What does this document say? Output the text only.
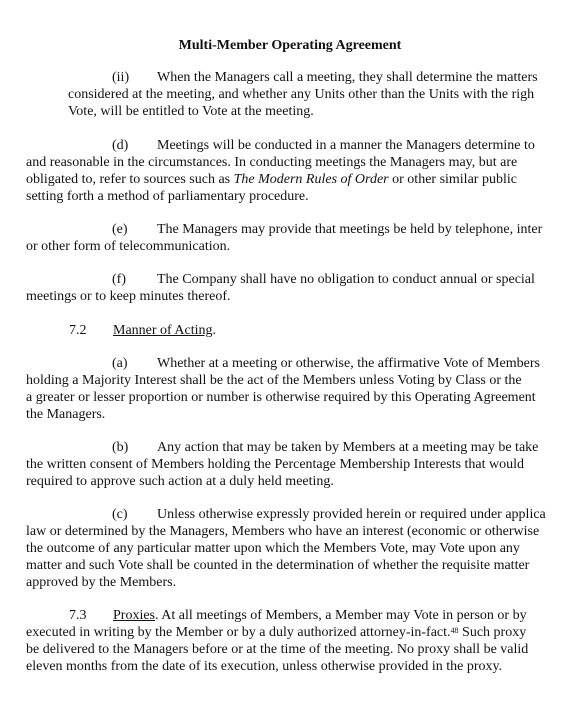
Multi-Member Operating Agreement
(ii) When the Managers call a meeting, they shall determine the matters
considered at the meeting, and whether any Units other than the Units with the righ
Vote, will be entitled to Vote at the meeting.
(d) Meetings will be conducted in a manner the Managers determine to
and reasonable in the circumstances. In conducting meetings the Managers may, but are
obligated to, refer to sources such as The Modern Rules of Order or other similar public
setting forth a method of parliamentary procedure.
(e) The Managers may provide that meetings be held by telephone, inter
or other form of telecommunication.
(f) The Company shall have no obligation to conduct annual or special
meetings or to keep minutes thereof.
7.2 Manner of Acting.
(a) Whether at a meeting or otherwise, the affirmative Vote of Members
holding a Majority Interest shall be the act of the Members unless Voting by Class or the
a greater or lesser proportion or number is otherwise required by this Operating Agreement
the Managers.
(b) Any action that may be taken by Members at a meeting may be take
the written consent of Members holding the Percentage Membership Interests that would
required to approve such action at a duly held meeting.
(c) Unless otherwise expressly provided herein or required under applica
law or determined by the Managers, Members who have an interest (economic or otherwise
the outcome of any particular matter upon which the Members Vote, may Vote upon any
matter and such Vote shall be counted in the determination of whether the requisite matter
approved by the Members.
7.3 Proxies. At all meetings of Members, a Member may Vote in person or by
executed in writing by the Member or by a duly authorized attorney-in-fact.$^{48}$ Such proxy
be delivered to the Managers before or at the time of the meeting. No proxy shall be valid
eleven months from the date of its execution, unless otherwise provided in the proxy.
